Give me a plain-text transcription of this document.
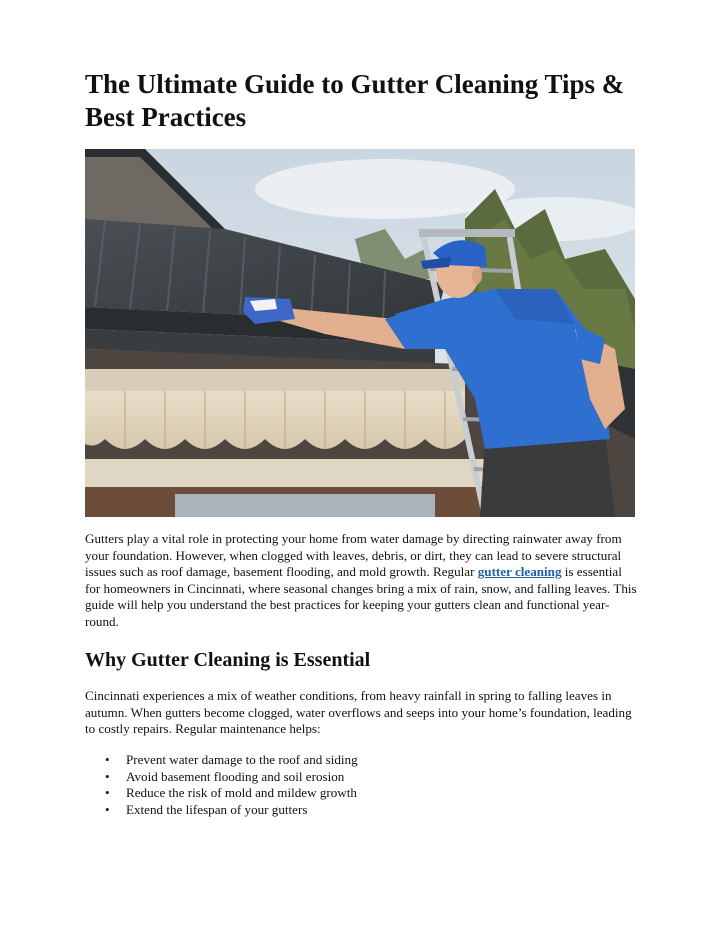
The Ultimate Guide to Gutter Cleaning Tips & Best Practices

Gutters play a vital role in protecting your home from water damage by directing rainwater away from your foundation. However, when clogged with leaves, debris, or dirt, they can lead to severe structural issues such as roof damage, basement flooding, and mold growth. Regular gutter cleaning is essential for homeowners in Cincinnati, where seasonal changes bring a mix of rain, snow, and falling leaves. This guide will help you understand the best practices for keeping your gutters clean and functional year-round.

Why Gutter Cleaning is Essential

Cincinnati experiences a mix of weather conditions, from heavy rainfall in spring to falling leaves in autumn. When gutters become clogged, water overflows and seeps into your home’s foundation, leading to costly repairs. Regular maintenance helps:

• Prevent water damage to the roof and siding
• Avoid basement flooding and soil erosion
• Reduce the risk of mold and mildew growth
• Extend the lifespan of your gutters
